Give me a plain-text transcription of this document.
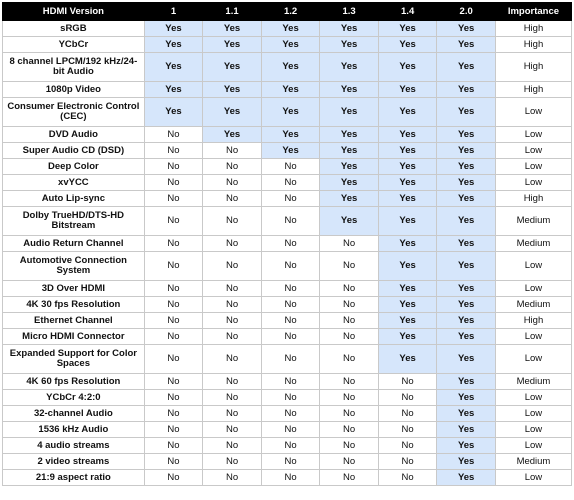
HDMI Version	1	1.1	1.2	1.3	1.4	2.0	Importance
sRGB	Yes	Yes	Yes	Yes	Yes	Yes	High
YCbCr	Yes	Yes	Yes	Yes	Yes	Yes	High
8 channel LPCM/192 kHz/24-bit Audio	Yes	Yes	Yes	Yes	Yes	Yes	High
1080p Video	Yes	Yes	Yes	Yes	Yes	Yes	High
Consumer Electronic Control (CEC)	Yes	Yes	Yes	Yes	Yes	Yes	Low
DVD Audio	No	Yes	Yes	Yes	Yes	Yes	Low
Super Audio CD (DSD)	No	No	Yes	Yes	Yes	Yes	Low
Deep Color	No	No	No	Yes	Yes	Yes	Low
xvYCC	No	No	No	Yes	Yes	Yes	Low
Auto Lip-sync	No	No	No	Yes	Yes	Yes	High
Dolby TrueHD/DTS-HD Bitstream	No	No	No	Yes	Yes	Yes	Medium
Audio Return Channel	No	No	No	No	Yes	Yes	Medium
Automotive Connection System	No	No	No	No	Yes	Yes	Low
3D Over HDMI	No	No	No	No	Yes	Yes	Low
4K 30 fps Resolution	No	No	No	No	Yes	Yes	Medium
Ethernet Channel	No	No	No	No	Yes	Yes	High
Micro HDMI Connector	No	No	No	No	Yes	Yes	Low
Expanded Support for Color Spaces	No	No	No	No	Yes	Yes	Low
4K 60 fps Resolution	No	No	No	No	No	Yes	Medium
YCbCr 4:2:0	No	No	No	No	No	Yes	Low
32-channel Audio	No	No	No	No	No	Yes	Low
1536 kHz Audio	No	No	No	No	No	Yes	Low
4 audio streams	No	No	No	No	No	Yes	Low
2 video streams	No	No	No	No	No	Yes	Medium
21:9 aspect ratio	No	No	No	No	No	Yes	Low
